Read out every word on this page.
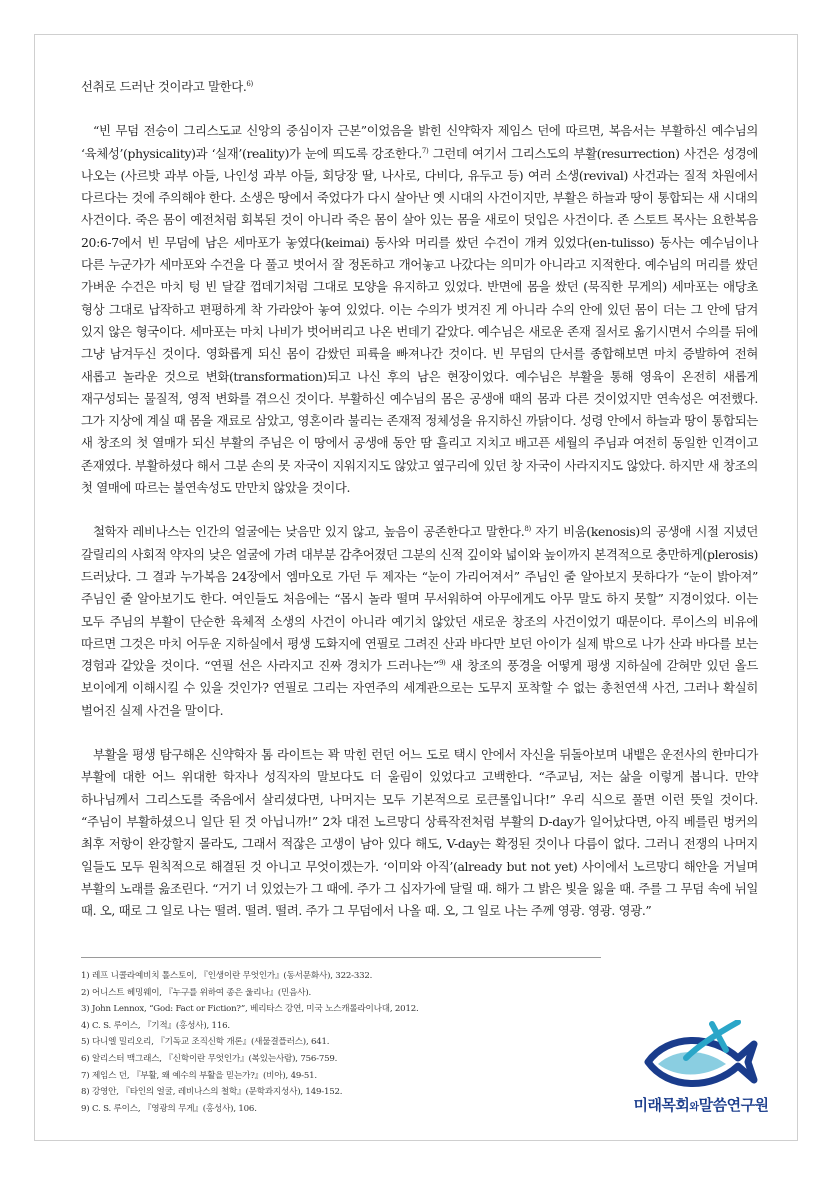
선취로 드러난 것이라고 말한다.$^{6)}$

“빈 무덤 전승이 그리스도교 신앙의 중심이자 근본”이었음을 밝힌 신약학자 제임스 던에 따르면, 복음서는 부활하신 예수님의 ‘육체성’(physicality)과 ‘실재’(reality)가 눈에 띄도록 강조한다.$^{7)}$ 그런데 여기서 그리스도의 부활(resurrection) 사건은 성경에 나오는 (사르밧 과부 아들, 나인성 과부 아들, 회당장 딸, 나사로, 다비다, 유두고 등) 여러 소생(revival) 사건과는 질적 차원에서 다르다는 것에 주의해야 한다. 소생은 땅에서 죽었다가 다시 살아난 옛 시대의 사건이지만, 부활은 하늘과 땅이 통합되는 새 시대의 사건이다. 죽은 몸이 예전처럼 회복된 것이 아니라 죽은 몸이 살아 있는 몸을 새로이 덧입은 사건이다. 존 스토트 목사는 요한복음 20:6-7에서 빈 무덤에 남은 세마포가 놓였다(keimai) 동사와 머리를 쌌던 수건이 개켜 있었다(en-tulisso) 동사는 예수님이나 다른 누군가가 세마포와 수건을 다 풀고 벗어서 잘 정돈하고 개어놓고 나갔다는 의미가 아니라고 지적한다. 예수님의 머리를 쌌던 가벼운 수건은 마치 텅 빈 달걀 껍데기처럼 그대로 모양을 유지하고 있었다. 반면에 몸을 쌌던 (묵직한 무게의) 세마포는 애당초 형상 그대로 납작하고 편평하게 착 가라앉아 놓여 있었다. 이는 수의가 벗겨진 게 아니라 수의 안에 있던 몸이 더는 그 안에 담겨 있지 않은 형국이다. 세마포는 마치 나비가 벗어버리고 나온 번데기 같았다. 예수님은 새로운 존재 질서로 옮기시면서 수의를 뒤에 그냥 남겨두신 것이다. 영화롭게 되신 몸이 감쌌던 피륙을 빠져나간 것이다. 빈 무덤의 단서를 종합해보면 마치 증발하여 전혀 새롭고 놀라운 것으로 변화(transformation)되고 나신 후의 남은 현장이었다. 예수님은 부활을 통해 영육이 온전히 새롭게 재구성되는 물질적, 영적 변화를 겪으신 것이다. 부활하신 예수님의 몸은 공생애 때의 몸과 다른 것이었지만 연속성은 여전했다. 그가 지상에 계실 때 몸을 재료로 삼았고, 영혼이라 불리는 존재적 정체성을 유지하신 까닭이다. 성령 안에서 하늘과 땅이 통합되는 새 창조의 첫 열매가 되신 부활의 주님은 이 땅에서 공생애 동안 땀 흘리고 지치고 배고픈 세월의 주님과 여전히 동일한 인격이고 존재였다. 부활하셨다 해서 그분 손의 못 자국이 지워지지도 않았고 옆구리에 있던 창 자국이 사라지지도 않았다. 하지만 새 창조의 첫 열매에 따르는 불연속성도 만만치 않았을 것이다.

철학자 레비나스는 인간의 얼굴에는 낮음만 있지 않고, 높음이 공존한다고 말한다.$^{8)}$ 자기 비움(kenosis)의 공생애 시절 지녔던 갈릴리의 사회적 약자의 낮은 얼굴에 가려 대부분 감추어졌던 그분의 신적 깊이와 넓이와 높이까지 본격적으로 충만하게(plerosis) 드러났다. 그 결과 누가복음 24장에서 엠마오로 가던 두 제자는 “눈이 가리어져서” 주님인 줄 알아보지 못하다가 “눈이 밝아져” 주님인 줄 알아보기도 한다. 여인들도 처음에는 “몹시 놀라 떨며 무서워하여 아무에게도 아무 말도 하지 못할” 지경이었다. 이는 모두 주님의 부활이 단순한 육체적 소생의 사건이 아니라 예기치 않았던 새로운 창조의 사건이었기 때문이다. 루이스의 비유에 따르면 그것은 마치 어두운 지하실에서 평생 도화지에 연필로 그려진 산과 바다만 보던 아이가 실제 밖으로 나가 산과 바다를 보는 경험과 같았을 것이다. “연필 선은 사라지고 진짜 경치가 드러나는”$^{9)}$ 새 창조의 풍경을 어떻게 평생 지하실에 갇혀만 있던 올드 보이에게 이해시킬 수 있을 것인가? 연필로 그리는 자연주의 세계관으로는 도무지 포착할 수 없는 총천연색 사건, 그러나 확실히 벌어진 실제 사건을 말이다.

부활을 평생 탐구해온 신약학자 톰 라이트는 꽉 막힌 런던 어느 도로 택시 안에서 자신을 뒤돌아보며 내뱉은 운전사의 한마디가 부활에 대한 어느 위대한 학자나 성직자의 말보다도 더 울림이 있었다고 고백한다. “주교님, 저는 삶을 이렇게 봅니다. 만약 하나님께서 그리스도를 죽음에서 살리셨다면, 나머지는 모두 기본적으로 로큰롤입니다!” 우리 식으로 풀면 이런 뜻일 것이다. “주님이 부활하셨으니 일단 된 것 아닙니까!” 2차 대전 노르망디 상륙작전처럼 부활의 D-day가 일어났다면, 아직 베를린 벙커의 최후 저항이 완강할지 몰라도, 그래서 적잖은 고생이 남아 있다 해도, V-day는 확정된 것이나 다름이 없다. 그러니 전쟁의 나머지 일들도 모두 원칙적으로 해결된 것 아니고 무엇이겠는가. ‘이미와 아직’(already but not yet) 사이에서 노르망디 해안을 거닐며 부활의 노래를 읊조린다. “거기 너 있었는가 그 때에. 주가 그 십자가에 달릴 때. 해가 그 밝은 빛을 잃을 때. 주를 그 무덤 속에 뉘일 때. 오, 때로 그 일로 나는 떨려. 떨려. 떨려. 주가 그 무덤에서 나올 때. 오, 그 일로 나는 주께 영광. 영광. 영광.”

1) 레프 니콜라예비치 톨스토이, 『인생이란 무엇인가』(동서문화사), 322-332.
2) 어니스트 헤밍웨이, 『누구를 위하여 종은 울리나』(민음사).
3) John Lennox, “God: Fact or Fiction?”, 베리타스 강연, 미국 노스캐롤라이나대, 2012.
4) C. S. 루이스, 『기적』(홍성사), 116.
5) 다니엘 밀리오리, 『기독교 조직신학 개론』(새물결플러스), 641.
6) 알리스터 맥그래스, 『신학이란 무엇인가』(복있는사람), 756-759.
7) 제임스 던, 『부활, 왜 예수의 부활을 믿는가?』(비아), 49-51.
8) 강영안, 『타인의 얼굴, 레비나스의 철학』(문학과지성사), 149-152.
9) C. S. 루이스, 『영광의 무게』(홍성사), 106.	미래목회와말씀연구원
